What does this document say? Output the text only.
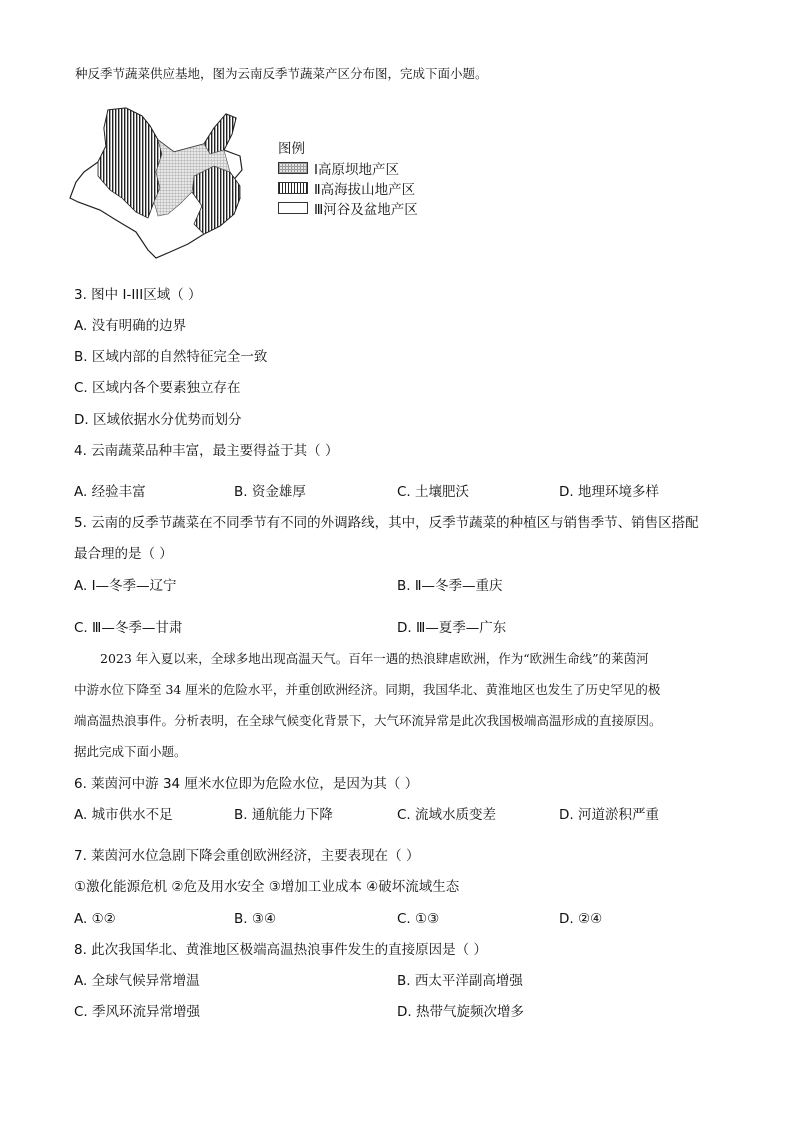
种反季节蔬菜供应基地，图为云南反季节蔬菜产区分布图，完成下面小题。
图例
Ⅰ高原坝地产区
Ⅱ高海拔山地产区
Ⅲ河谷及盆地产区
3. 图中 I-III区域（ ）
A. 没有明确的边界
B. 区域内部的自然特征完全一致
C. 区域内各个要素独立存在
D. 区域依据水分优势而划分
4. 云南蔬菜品种丰富，最主要得益于其（ ）
A. 经验丰富	B. 资金雄厚	C. 土壤肥沃	D. 地理环境多样
5. 云南的反季节蔬菜在不同季节有不同的外调路线，其中，反季节蔬菜的种植区与销售季节、销售区搭配
最合理的是（ ）
A. Ⅰ—冬季—辽宁	B. Ⅱ—冬季—重庆
C. Ⅲ—冬季—甘肃	D. Ⅲ—夏季—广东
2023 年入夏以来，全球多地出现高温天气。百年一遇的热浪肆虐欧洲，作为“欧洲生命线”的莱茵河
中游水位下降至 34 厘米的危险水平，并重创欧洲经济。同期，我国华北、黄淮地区也发生了历史罕见的极
端高温热浪事件。分析表明，在全球气候变化背景下，大气环流异常是此次我国极端高温形成的直接原因。
据此完成下面小题。
6. 莱茵河中游 34 厘米水位即为危险水位，是因为其（ ）
A. 城市供水不足	B. 通航能力下降	C. 流域水质变差	D. 河道淤积严重
7. 莱茵河水位急剧下降会重创欧洲经济，主要表现在（ ）
①激化能源危机 ②危及用水安全 ③增加工业成本 ④破坏流域生态
A. ①②	B. ③④	C. ①③	D. ②④
8. 此次我国华北、黄淮地区极端高温热浪事件发生的直接原因是（ ）
A. 全球气候异常增温	B. 西太平洋副高增强
C. 季风环流异常增强	D. 热带气旋频次增多
